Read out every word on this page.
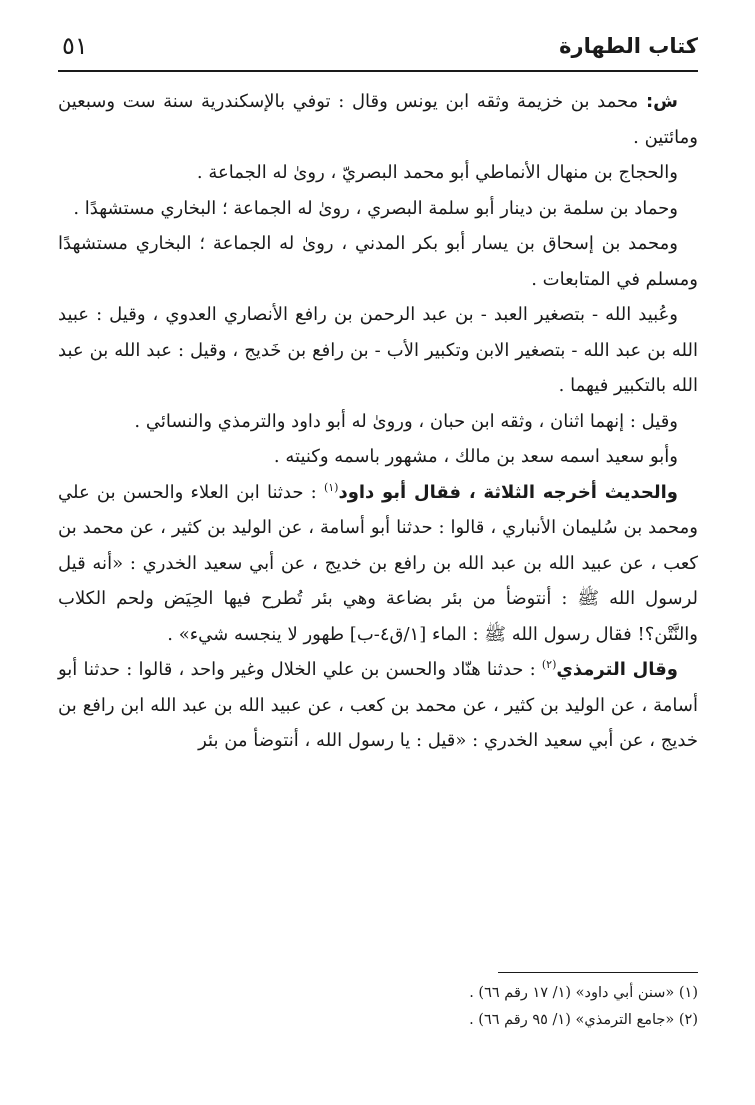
كتاب الطهارة
٥١

ش: محمد بن خزيمة وثقه ابن يونس وقال : توفي بالإسكندرية سنة ست وسبعين ومائتين .

والحجاج بن منهال الأنماطي أبو محمد البصريّ ، روىٰ له الجماعة .

وحماد بن سلمة بن دينار أبو سلمة البصري ، روىٰ له الجماعة ؛ البخاري مستشهدًا .

ومحمد بن إسحاق بن يسار أبو بكر المدني ، روىٰ له الجماعة ؛ البخاري مستشهدًا ومسلم في المتابعات .

وعُبيد الله - بتصغير العبد - بن عبد الرحمن بن رافع الأنصاري العدوي ، وقيل : عبيد الله بن عبد الله - بتصغير الابن وتكبير الأب - بن رافع بن خَديج ، وقيل : عبد الله بن عبد الله بالتكبير فيهما .

وقيل : إنهما اثنان ، وثقه ابن حبان ، وروىٰ له أبو داود والترمذي والنسائي .

وأبو سعيد اسمه سعد بن مالك ، مشهور باسمه وكنيته .

والحديث أخرجه الثلاثة ، فقال أبو داود$^{(١)}$ : حدثنا ابن العلاء والحسن بن علي ومحمد بن سُليمان الأنباري ، قالوا : حدثنا أبو أسامة ، عن الوليد بن كثير ، عن محمد بن كعب ، عن عبيد الله بن عبد الله بن رافع بن خديج ، عن أبي سعيد الخدري : «أنه قيل لرسول الله ﷺ : أنتوضأ من بئر بضاعة وهي بئر تُطرح فيها الحِيَض ولحم الكلاب والنَّتْن؟! فقال رسول الله ﷺ : الماء [١/ق٤-ب] طهور لا ينجسه شيء» .

وقال الترمذي$^{(٢)}$ : حدثنا هنّاد والحسن بن علي الخلال وغير واحد ، قالوا : حدثنا أبو أسامة ، عن الوليد بن كثير ، عن محمد بن كعب ، عن عبيد الله بن عبد الله ابن رافع بن خديج ، عن أبي سعيد الخدري : «قيل : يا رسول الله ، أنتوضأ من بئر

(١) «سنن أبي داود» (١/ ١٧ رقم ٦٦) .

(٢) «جامع الترمذي» (١/ ٩٥ رقم ٦٦) .
